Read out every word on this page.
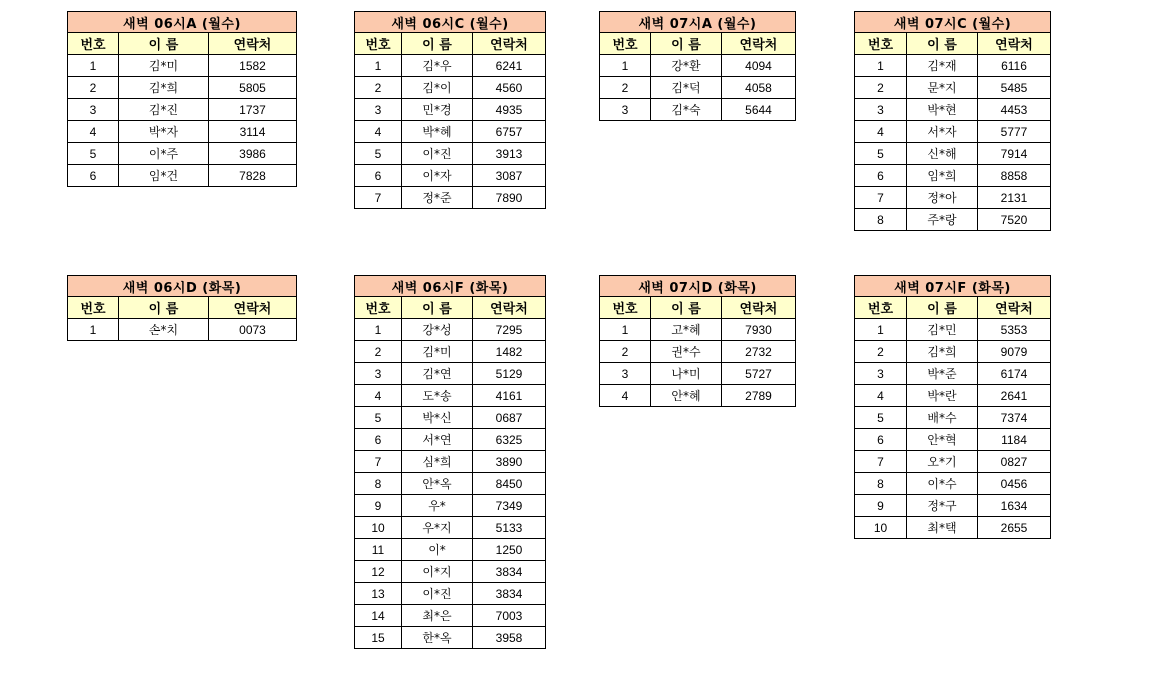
새벽 06시A (월수)		
번호	이 름	연락처
1	김*미	1582
2	김*희	5805
3	김*진	1737
4	박*자	3114
5	이*주	3986
6	임*건	7828
새벽 06시C (월수)		
번호	이 름	연락처
1	김*우	6241
2	김*이	4560
3	민*경	4935
4	박*혜	6757
5	이*진	3913
6	이*자	3087
7	정*준	7890
새벽 07시A (월수)		
번호	이 름	연락처
1	강*환	4094
2	김*덕	4058
3	김*숙	5644
새벽 07시C (월수)		
번호	이 름	연락처
1	김*재	6116
2	문*지	5485
3	박*현	4453
4	서*자	5777
5	신*해	7914
6	임*희	8858
7	정*아	2131
8	주*랑	7520
새벽 06시D (화목)		
번호	이 름	연락처
1	손*치	0073
새벽 06시F (화목)		
번호	이 름	연락처
1	강*성	7295
2	김*미	1482
3	김*연	5129
4	도*송	4161
5	박*신	0687
6	서*연	6325
7	심*희	3890
8	안*옥	8450
9	우*	7349
10	우*지	5133
11	이*	1250
12	이*지	3834
13	이*진	3834
14	최*은	7003
15	한*옥	3958
새벽 07시D (화목)		
번호	이 름	연락처
1	고*혜	7930
2	권*수	2732
3	나*미	5727
4	안*혜	2789
새벽 07시F (화목)		
번호	이 름	연락처
1	김*민	5353
2	김*희	9079
3	박*준	6174
4	박*란	2641
5	배*수	7374
6	안*혁	1184
7	오*기	0827
8	이*수	0456
9	정*구	1634
10	최*택	2655
